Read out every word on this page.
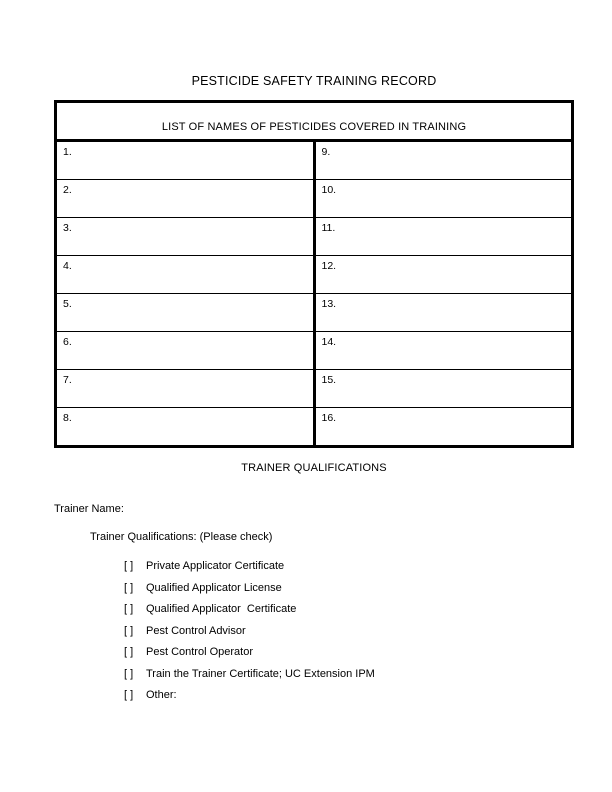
PESTICIDE SAFETY TRAINING RECORD
LIST OF NAMES OF PESTICIDES COVERED IN TRAINING	
1.	9.
2.	10.
3.	11.
4.	12.
5.	13.
6.	14.
7.	15.
8.	16.
TRAINER QUALIFICATIONS
Trainer Name:
Trainer Qualifications: (Please check)
[ ]	Private Applicator Certificate
[ ]	Qualified Applicator License
[ ]	Qualified Applicator  Certificate
[ ]	Pest Control Advisor
[ ]	Pest Control Operator
[ ]	Train the Trainer Certificate; UC Extension IPM
[ ]	Other:
